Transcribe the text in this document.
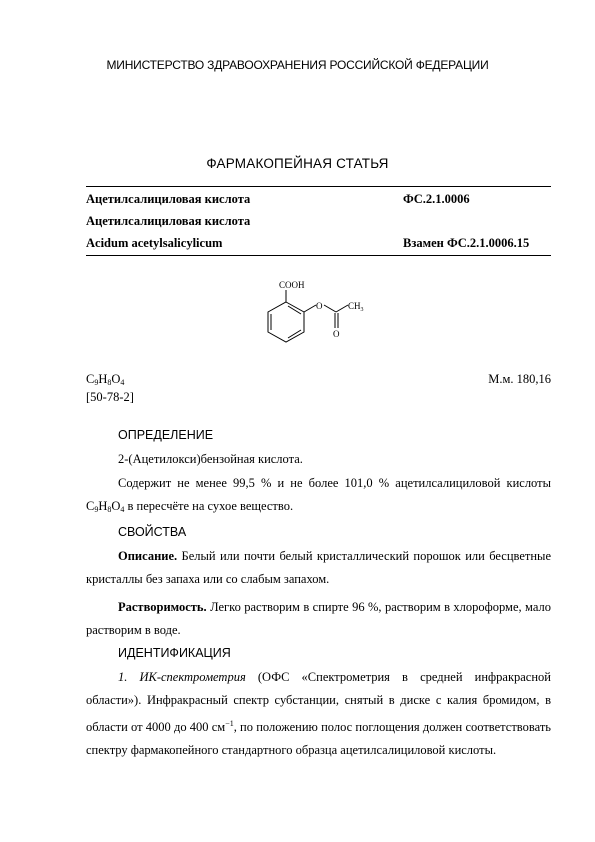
МИНИСТЕРСТВО ЗДРАВООХРАНЕНИЯ РОССИЙСКОЙ ФЕДЕРАЦИИ
ФАРМАКОПЕЙНАЯ СТАТЬЯ
Ацетилсалициловая кислота	ФС.2.1.0006
Ацетилсалициловая кислота
Acidum acetylsalicylicum	Взамен ФС.2.1.0006.15
COOH
O	$CH_3$
O
$C_9H_8O_4$	М.м. 180,16
[50-78-2]
ОПРЕДЕЛЕНИЕ
2-(Ацетилокси)бензойная кислота.
Содержит не менее 99,5 % и не более 101,0 % ацетилсалициловой кислоты $C_9H_8O_4$ в пересчёте на сухое вещество.
СВОЙСТВА
Описание. Белый или почти белый кристаллический порошок или бесцветные кристаллы без запаха или со слабым запахом.
Растворимость. Легко растворим в спирте 96 %, растворим в хлороформе, мало растворим в воде.
ИДЕНТИФИКАЦИЯ
1. ИК-спектрометрия (ОФС «Спектрометрия в средней инфракрасной области»). Инфракрасный спектр субстанции, снятый в диске с калия бромидом, в области от 4000 до 400 $см^{-1}$, по положению полос поглощения должен соответствовать спектру фармакопейного стандартного образца ацетилсалициловой кислоты.
